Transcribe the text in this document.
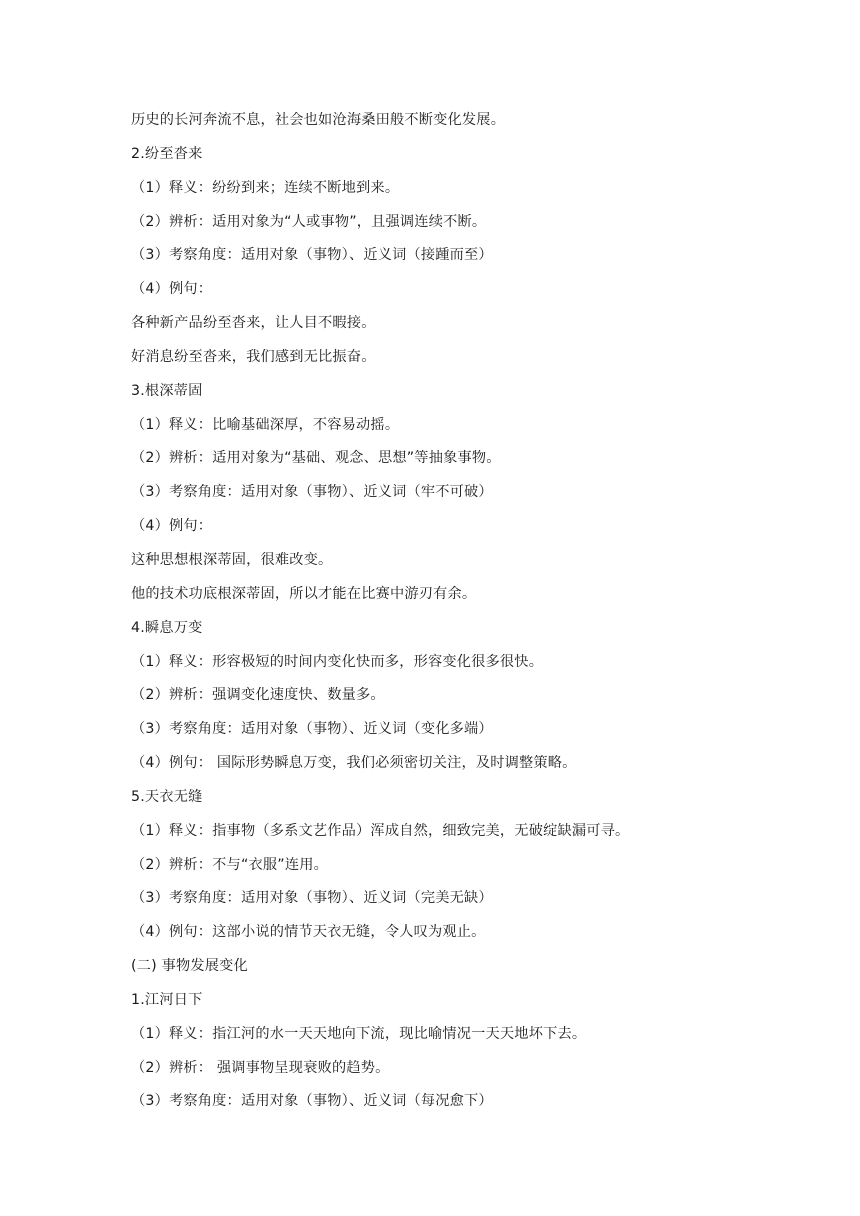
历史的长河奔流不息，社会也如沧海桑田般不断变化发展。
2.纷至沓来
（1）释义：纷纷到来；连续不断地到来。
（2）辨析：适用对象为“人或事物”，且强调连续不断。
（3）考察角度：适用对象（事物）、近义词（接踵而至）
（4）例句：
各种新产品纷至沓来，让人目不暇接。
好消息纷至沓来，我们感到无比振奋。
3.根深蒂固
（1）释义：比喻基础深厚，不容易动摇。
（2）辨析：适用对象为“基础、观念、思想”等抽象事物。
（3）考察角度：适用对象（事物）、近义词（牢不可破）
（4）例句：
这种思想根深蒂固，很难改变。
他的技术功底根深蒂固，所以才能在比赛中游刃有余。
4.瞬息万变
（1）释义：形容极短的时间内变化快而多，形容变化很多很快。
（2）辨析：强调变化速度快、数量多。
（3）考察角度：适用对象（事物）、近义词（变化多端）
（4）例句： 国际形势瞬息万变，我们必须密切关注，及时调整策略。
5.天衣无缝
（1）释义：指事物（多系文艺作品）浑成自然，细致完美，无破绽缺漏可寻。
（2）辨析：不与“衣服”连用。
（3）考察角度：适用对象（事物）、近义词（完美无缺）
（4）例句：这部小说的情节天衣无缝，令人叹为观止。
(二) 事物发展变化
1.江河日下
（1）释义：指江河的水一天天地向下流，现比喻情况一天天地坏下去。
（2）辨析： 强调事物呈现衰败的趋势。
（3）考察角度：适用对象（事物）、近义词（每况愈下）
